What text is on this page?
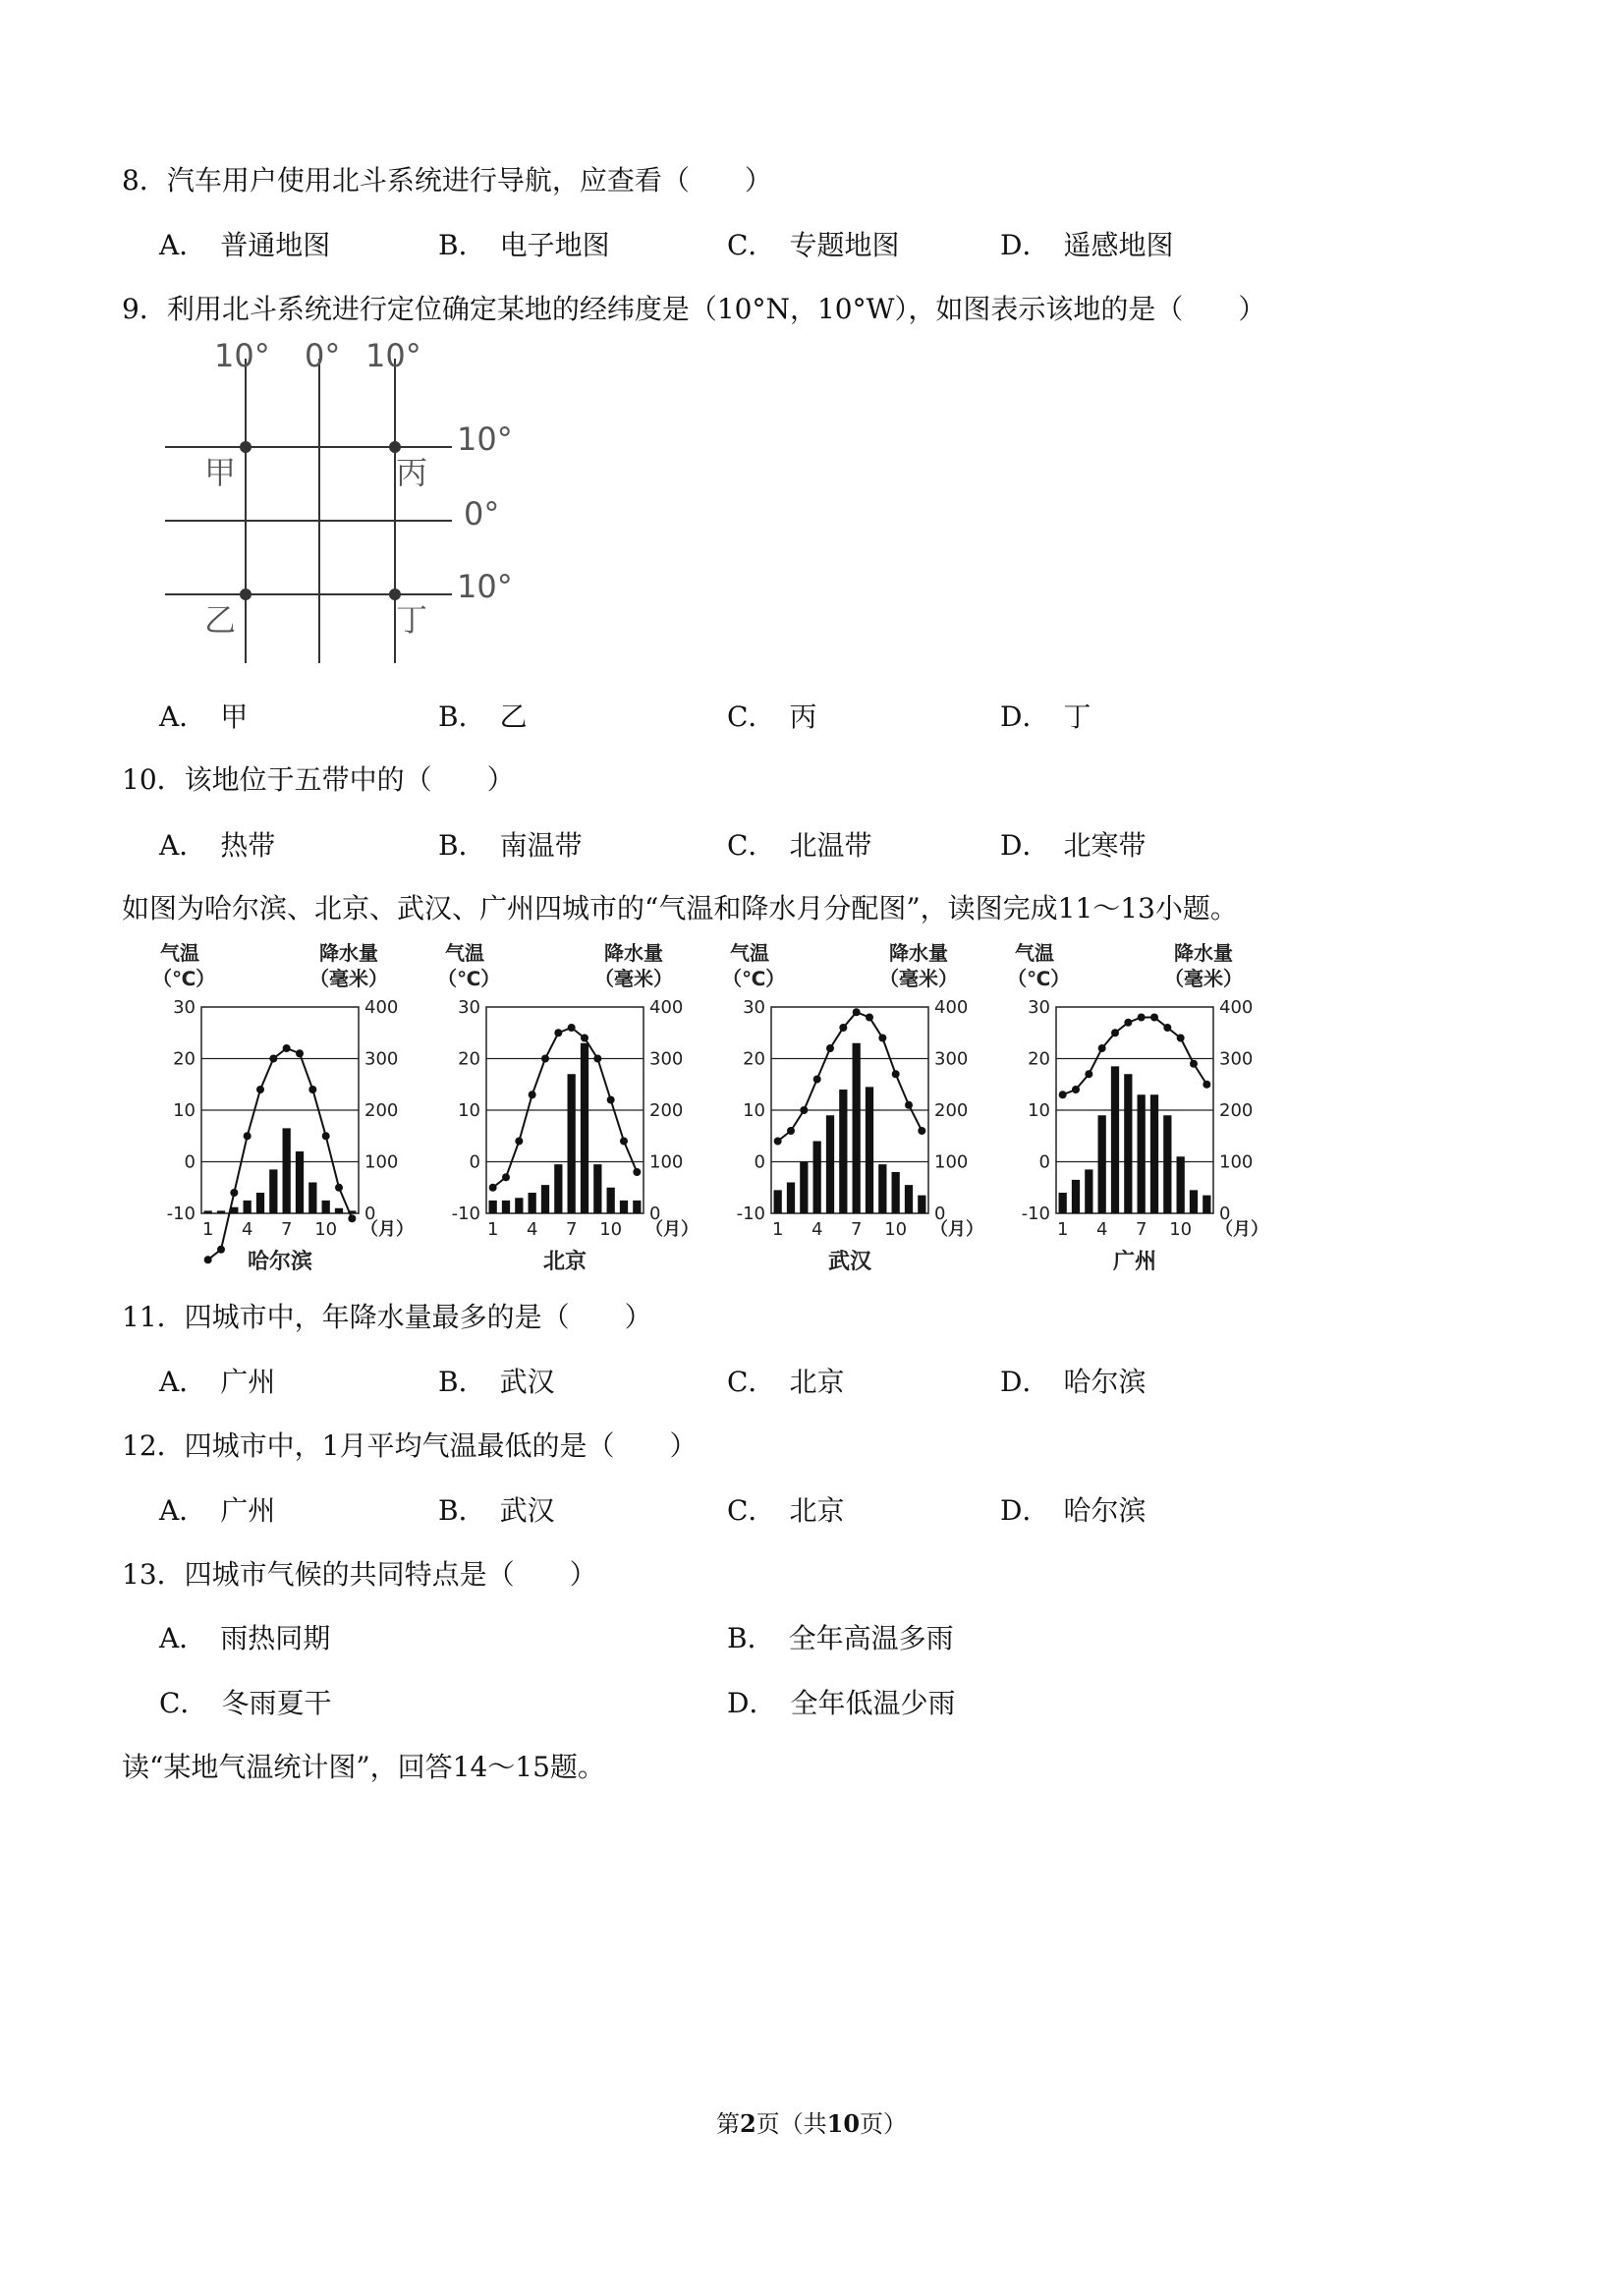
8．汽车用户使用北斗系统进行导航，应查看（　　）
A． 普通地图	B． 电子地图	C． 专题地图	D． 遥感地图
9．利用北斗系统进行定位确定某地的经纬度是（10°N，10°W），如图表示该地的是（　　）
10° 0° 10°
10°
0°
10°
甲	丙
乙	丁
A． 甲	B． 乙	C． 丙	D． 丁
10．该地位于五带中的（　　）
A． 热带	B． 南温带	C． 北温带	D． 北寒带
如图为哈尔滨、北京、武汉、广州四城市的“气温和降水月分配图”，读图完成11～13小题。
气温
（℃）
降水量
（毫米）
30
20
10
0
-10
400
300
200
100
0
1 4 7 10 （月）
哈尔滨
气温
（℃）
降水量
（毫米）
30
20
10
0
-10
400
300
200
100
0
1 4 7 10 （月）
北京
气温
（℃）
降水量
（毫米）
30
20
10
0
-10
400
300
200
100
0
1 4 7 10 （月）
武汉
气温
（℃）
降水量
（毫米）
30
20
10
0
-10
400
300
200
100
0
1 4 7 10 （月）
广州
11．四城市中，年降水量最多的是（　　）
A． 广州	B． 武汉	C． 北京	D． 哈尔滨
12．四城市中，1月平均气温最低的是（　　）
A． 广州	B． 武汉	C． 北京	D． 哈尔滨
13．四城市气候的共同特点是（　　）
A． 雨热同期	B． 全年高温多雨
C． 冬雨夏干	D． 全年低温少雨
读“某地气温统计图”，回答14～15题。
第2页（共10页）
